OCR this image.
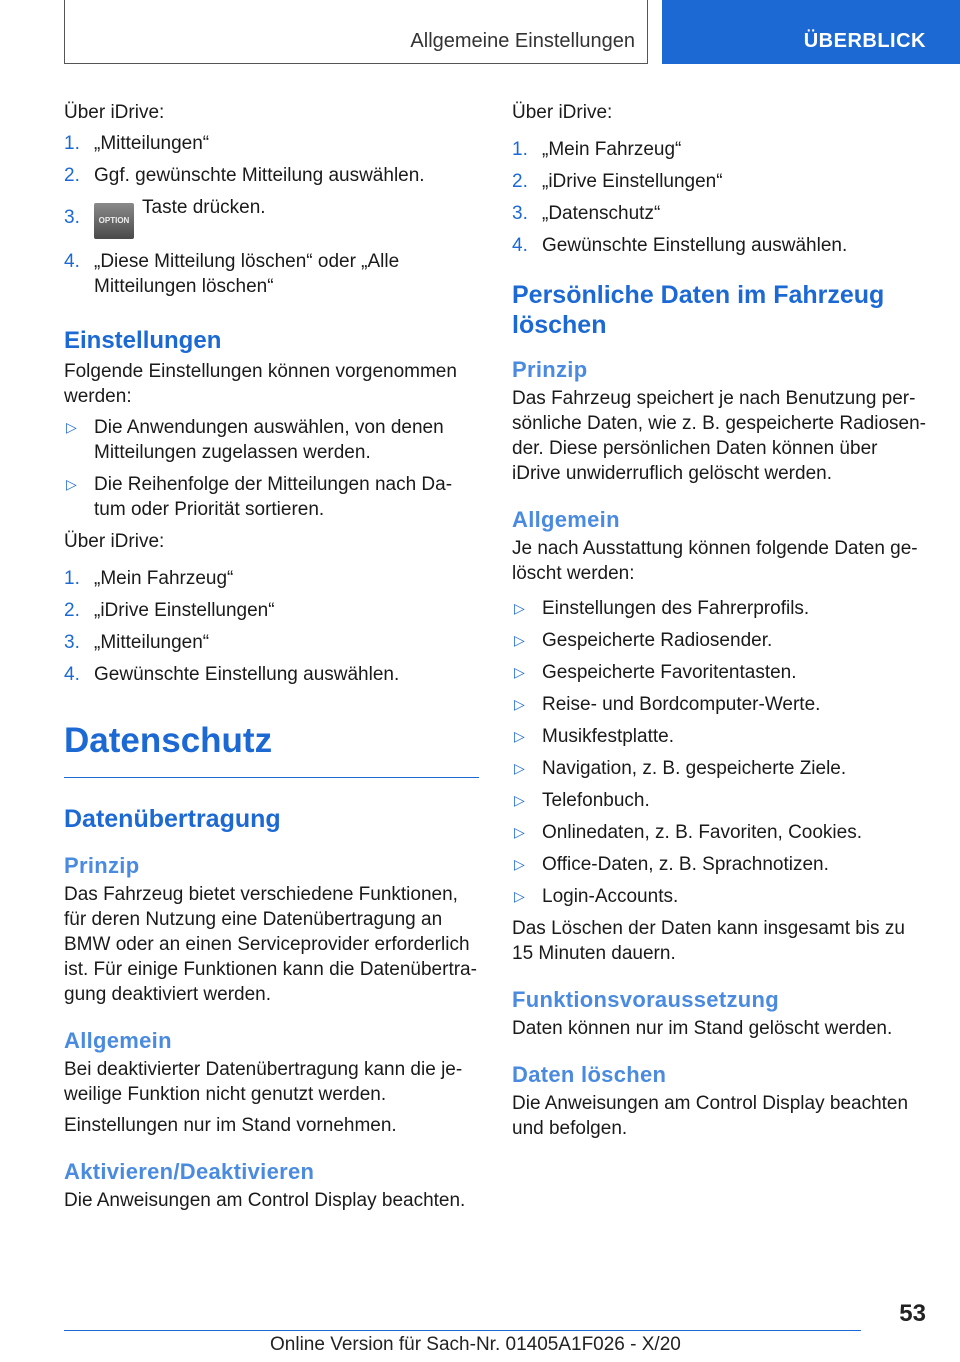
Allgemeine Einstellungen	ÜBERBLICK

Über iDrive:

1. „Mitteilungen“
2. Ggf. gewünschte Mitteilung auswählen.
3. OPTIONTaste drücken.
4. „Diese Mitteilung löschen“ oder „Alle Mitteilungen löschen“
Einstellungen

Folgende Einstellungen können vorgenommen werden:

▷ Die Anwendungen auswählen, von denen Mitteilungen zugelassen werden.
▷ Die Reihenfolge der Mitteilungen nach Da-tum oder Priorität sortieren.

Über iDrive:

1. „Mein Fahrzeug“
2. „iDrive Einstellungen“
3. „Mitteilungen“
4. Gewünschte Einstellung auswählen.
Datenschutz
Datenübertragung
Prinzip

Das Fahrzeug bietet verschiedene Funktionen, für deren Nutzung eine Datenübertragung an BMW oder an einen Serviceprovider erforderlich ist. Für einige Funktionen kann die Datenübertra-gung deaktiviert werden.

Allgemein

Bei deaktivierter Datenübertragung kann die je-weilige Funktion nicht genutzt werden.

Einstellungen nur im Stand vornehmen.

Aktivieren/Deaktivieren

Die Anweisungen am Control Display beachten.

Über iDrive:

1. „Mein Fahrzeug“
2. „iDrive Einstellungen“
3. „Datenschutz“
4. Gewünschte Einstellung auswählen.
Persönliche Daten im Fahrzeug löschen
Prinzip

Das Fahrzeug speichert je nach Benutzung per-sönliche Daten, wie z. B. gespeicherte Radiosen-der. Diese persönlichen Daten können über iDrive unwiderruflich gelöscht werden.

Allgemein

Je nach Ausstattung können folgende Daten ge-löscht werden:

▷ Einstellungen des Fahrerprofils.
▷ Gespeicherte Radiosender.
▷ Gespeicherte Favoritentasten.
▷ Reise- und Bordcomputer-Werte.
▷ Musikfestplatte.
▷ Navigation, z. B. gespeicherte Ziele.
▷ Telefonbuch.
▷ Onlinedaten, z. B. Favoriten, Cookies.
▷ Office-Daten, z. B. Sprachnotizen.
▷ Login-Accounts.

Das Löschen der Daten kann insgesamt bis zu 15 Minuten dauern.

Funktionsvoraussetzung

Daten können nur im Stand gelöscht werden.

Daten löschen

Die Anweisungen am Control Display beachten und befolgen.

53
Online Version für Sach-Nr. 01405A1F026 - X/20
